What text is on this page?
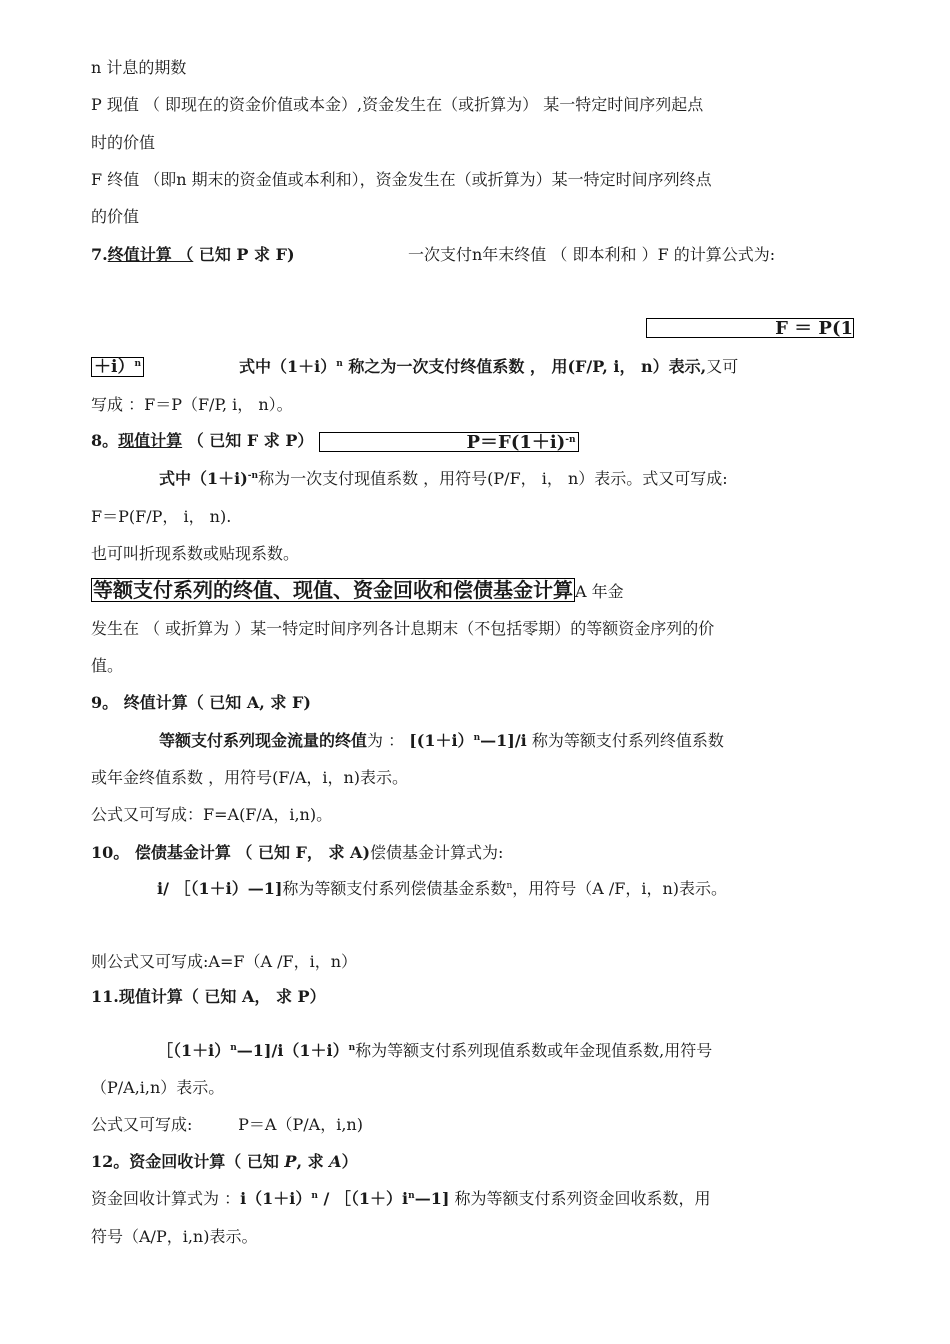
n 计息的期数
P 现值 （ 即现在的资金价值或本金）,资金发生在（或折算为） 某一特定时间序列起点
时的价值
F 终值 （即n 期末的资金值或本利和），资金发生在（或折算为）某一特定时间序列终点
的价值
7.终值计算 （ 已知 P 求 F)	一次支付n年末终值 （ 即本利和 ）F 的计算公式为:
F ＝ P(1
＋i）$^n$	式中$(1+i)^n$ 称之为一次支付终值系数 ， 用(F/P, i， n）表示,又可
写成 ：F＝P（F/P, i， n）。
8。现值计算 （ 已知 F 求 P）	$P=F(1+i)^{-n}$
式中（1＋i)$^{-n}$称为一次支付现值系数 ，用符号(P/F， i， n）表示。式又可写成:
F＝P(F/P， i， n).
也可叫折现系数或贴现系数。
等额支付系列的终值、现值、资金回收和偿债基金计算 A 年金
发生在 （ 或折算为 ）某一特定时间序列各计息期末（不包括零期）的等额资金序列的价
值。
9。 终值计算（ 已知 A, 求 F)
等额支付系列现金流量的终值为 ： [(1＋i）$^n$—1]/i 称为等额支付系列终值系数
或年金终值系数 ，用符号(F/A，i，n)表示。
公式又可写成：F=A(F/A，i,n)。
10。 偿债基金计算 （ 已知 F， 求 A)偿债基金计算式为:
i/ ［（1＋i）—1]称为等额支付系列偿债基金系数$^n$，用符号（A /F，i，n)表示。
则公式又可写成:A=F（A /F，i，n）
11.现值计算（ 已知 A， 求 P）
$[(1+i)^n—1]/i(1+i)^n$称为等额支付系列现值系数或年金现值系数,用符号
（P/A,i,n）表示。
公式又可写成:         P＝A（P/A，i,n)
12。资金回收计算（ 已知 P, 求 A）
资金回收计算式为 ：$i(1+i)^n$ / $[(1+)i^n—1$] 称为等额支付系列资金回收系数，用
符号（A/P，i,n)表示。
